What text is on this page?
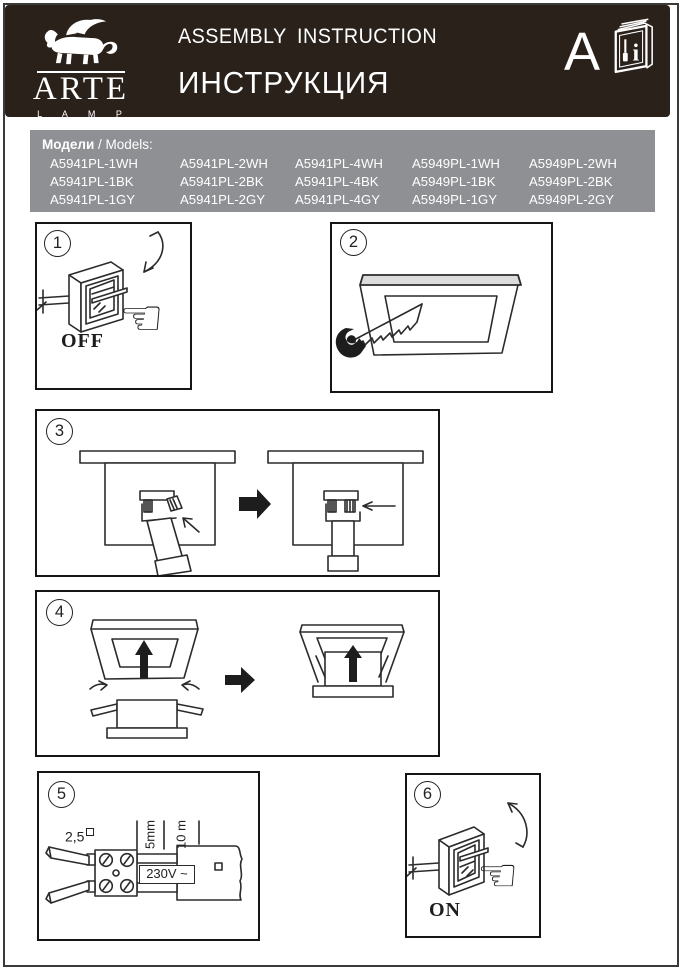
ARTE
L A M P
ASSEMBLY INSTRUCTION
ИНСТРУКЦИЯ
A i
Модели / Models:
A5941PL-1WH	A5941PL-2WH	A5941PL-4WH	A5949PL-1WH	A5949PL-2WH
A5941PL-1BK	A5941PL-2BK	A5941PL-4BK	A5949PL-1BK	A5949PL-2BK
A5941PL-1GY	A5941PL-2GY	A5941PL-4GY	A5949PL-1GY	A5949PL-2GY
☜
1
OFF
2
3
4
5
2,5	5mm 10 m
230V ~	☜
6
ON
